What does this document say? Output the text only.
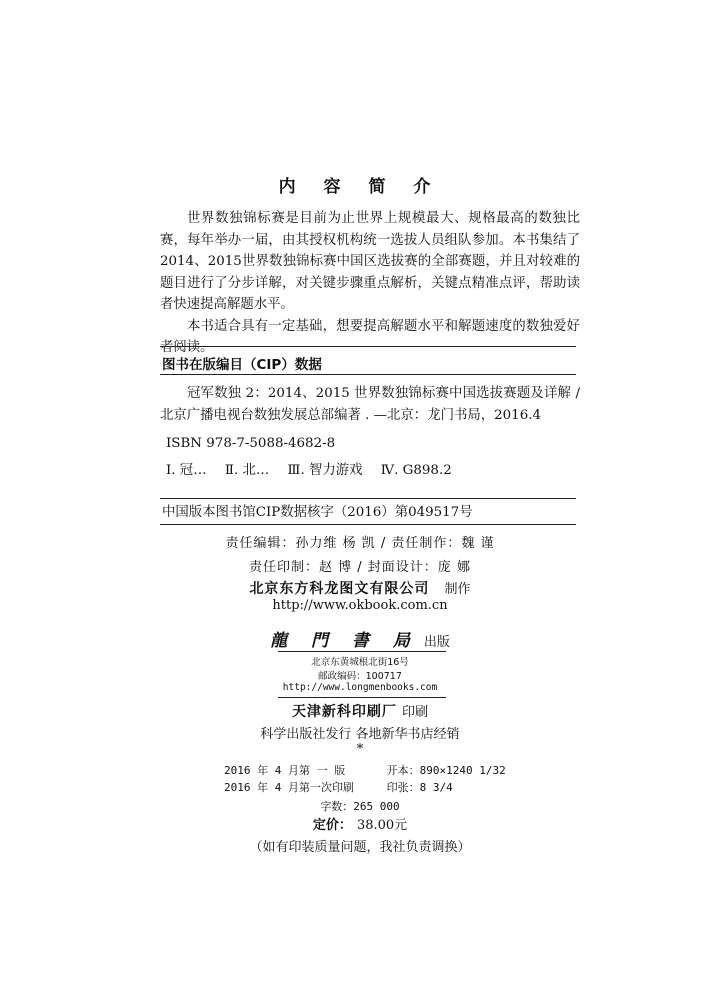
内 容 简 介

世界数独锦标赛是目前为止世界上规模最大、规格最高的数独比赛，每年举办一届，由其授权机构统一选拔人员组队参加。本书集结了2014、2015世界数独锦标赛中国区选拔赛的全部赛题，并且对较难的题目进行了分步详解，对关键步骤重点解析，关键点精准点评，帮助读者快速提高解题水平。

本书适合具有一定基础，想要提高解题水平和解题速度的数独爱好者阅读。

图书在版编目（CIP）数据

冠军数独 2：2014、2015 世界数独锦标赛中国选拔赛题及详解 / 北京广播电视台数独发展总部编著 . —北京：龙门书局，2016.4

ISBN 978-7-5088-4682-8

Ⅰ. 冠… Ⅱ. 北… Ⅲ. 智力游戏 Ⅳ. G898.2

中国版本图书馆CIP数据核字（2016）第049517号
责任编辑：孙力维 杨 凯 / 责任制作：魏 谨
责任印制：赵 博 / 封面设计：庞 娜
北京东方科龙图文有限公司 制作
http://www.okbook.com.cn
龍 門 書 局 出版
北京东黄城根北街16号
邮政编码：100717
http://www.longmenbooks.com
天津新科印刷厂 印刷
科学出版社发行 各地新华书店经销
*
2016 年 4 月第 一 版	开本：890×1240 1/32
2016 年 4 月第一次印刷	印张：8 3/4
字数：265 000
定价： 38.00元
（如有印装质量问题，我社负责调换）
